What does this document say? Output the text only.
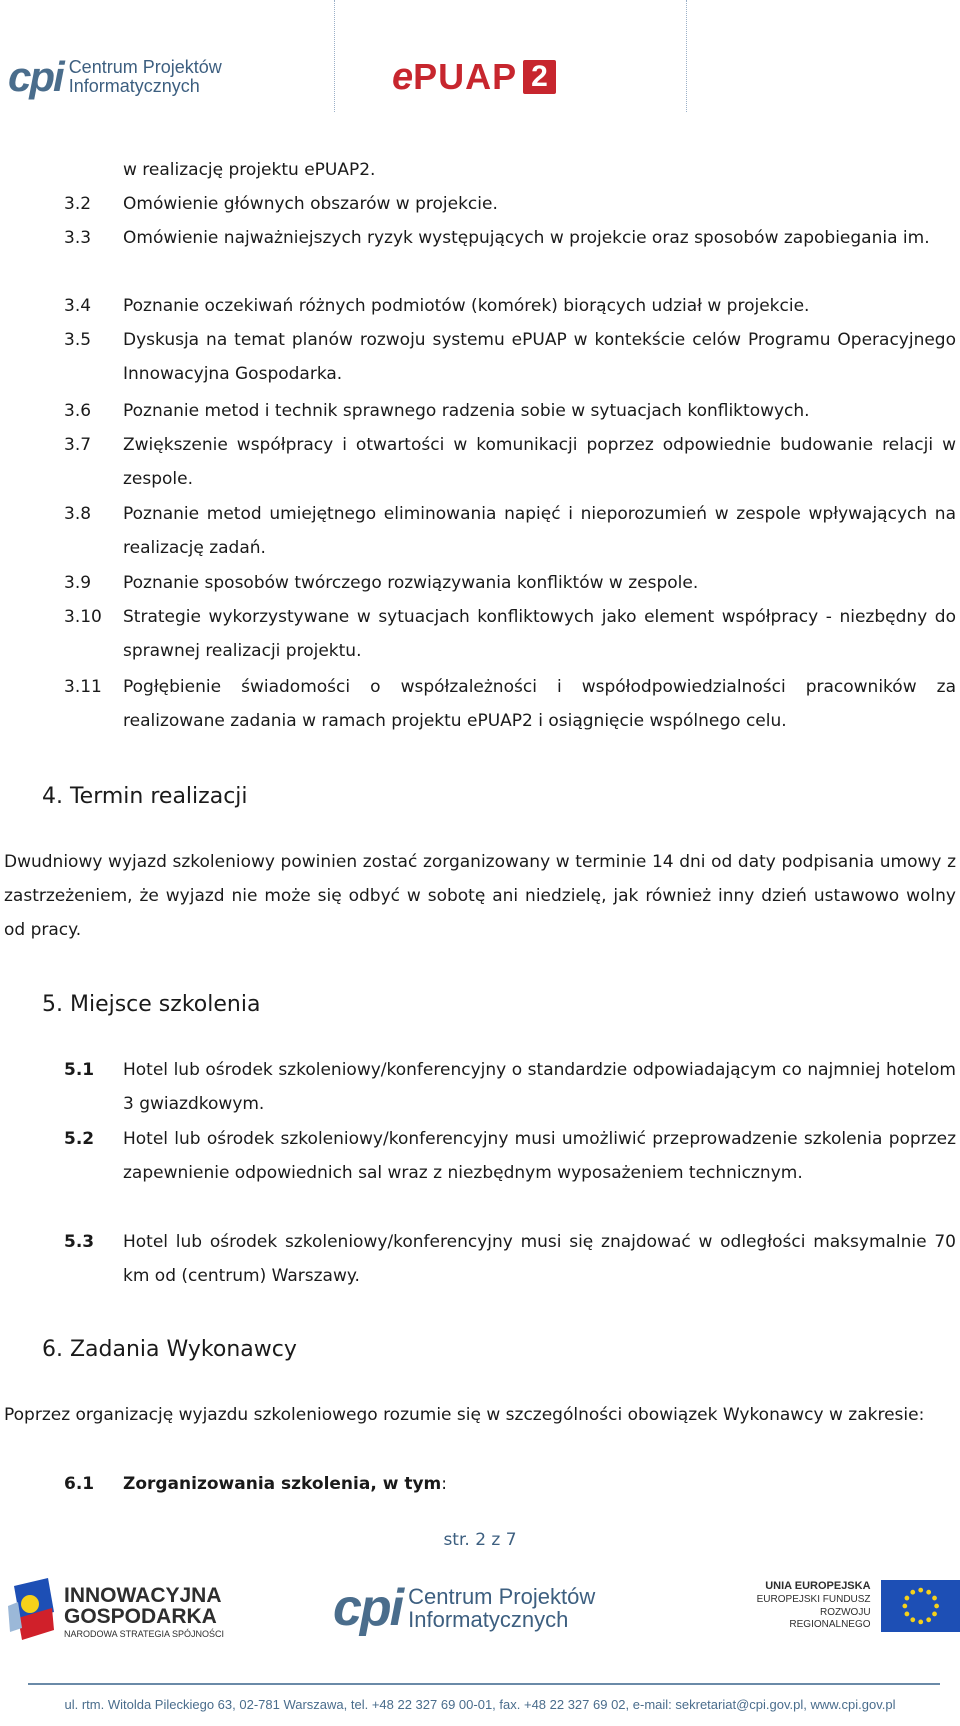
cpi Centrum Projektów
Informatycznych	e PUAP 2
w realizację projektu ePUAP2.
3.2 Omówienie głównych obszarów w projekcie.
3.3 Omówienie najważniejszych ryzyk występujących w projekcie oraz sposobów zapobiegania im.
3.4 Poznanie oczekiwań różnych podmiotów (komórek) biorących udział w projekcie.
3.5 Dyskusja na temat planów rozwoju systemu ePUAP w kontekście celów Programu Operacyjnego Innowacyjna Gospodarka.
3.6 Poznanie metod i technik sprawnego radzenia sobie w sytuacjach konfliktowych.
3.7 Zwiększenie współpracy i otwartości w komunikacji poprzez odpowiednie budowanie relacji w zespole.
3.8 Poznanie metod umiejętnego eliminowania napięć i nieporozumień w zespole wpływających na realizację zadań.
3.9 Poznanie sposobów twórczego rozwiązywania konfliktów w zespole.
3.10 Strategie wykorzystywane w sytuacjach konfliktowych jako element współpracy - niezbędny do sprawnej realizacji projektu.
3.11 Pogłębienie świadomości o współzależności i współodpowiedzialności pracowników za realizowane zadania w ramach projektu ePUAP2 i osiągnięcie wspólnego celu.
4. Termin realizacji
Dwudniowy wyjazd szkoleniowy powinien zostać zorganizowany w terminie 14 dni od daty podpisania umowy z zastrzeżeniem, że wyjazd nie może się odbyć w sobotę ani niedzielę, jak również inny dzień ustawowo wolny od pracy.
5. Miejsce szkolenia
5.1 Hotel lub ośrodek szkoleniowy/konferencyjny o standardzie odpowiadającym co najmniej hotelom 3 gwiazdkowym.
5.2 Hotel lub ośrodek szkoleniowy/konferencyjny musi umożliwić przeprowadzenie szkolenia poprzez zapewnienie odpowiednich sal wraz z niezbędnym wyposażeniem technicznym.
5.3 Hotel lub ośrodek szkoleniowy/konferencyjny musi się znajdować w odległości maksymalnie 70 km od (centrum) Warszawy.
6. Zadania Wykonawcy
Poprzez organizację wyjazdu szkoleniowego rozumie się w szczególności obowiązek Wykonawcy w zakresie:
6.1 Zorganizowania szkolenia, w tym:
str. 2 z 7
INNOWACYJNA
GOSPODARKA
NARODOWA STRATEGIA SPÓJNOŚCI cpi Centrum Projektów
Informatycznych
UNIA EUROPEJSKA
EUROPEJSKI FUNDUSZ
ROZWOJU REGIONALNEGO
ul. rtm. Witolda Pileckiego 63, 02-781 Warszawa, tel. +48 22 327 69 00-01, fax. +48 22 327 69 02, e-mail: sekretariat@cpi.gov.pl, www.cpi.gov.pl
